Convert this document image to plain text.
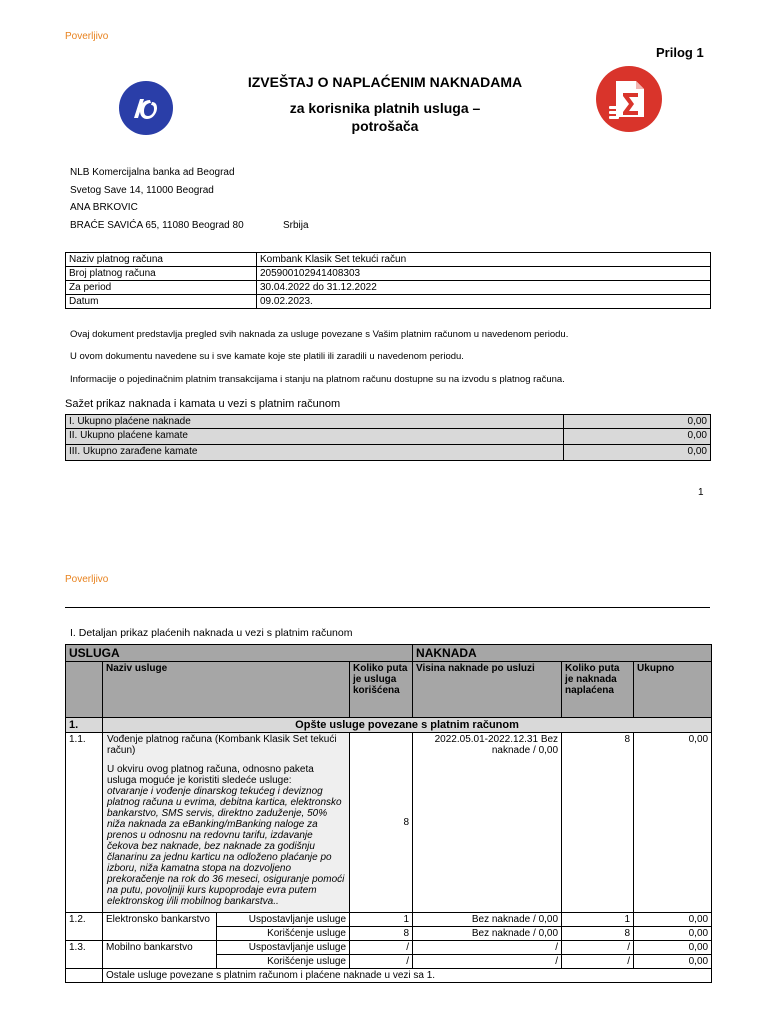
Poverljivo
Prilog 1
IZVEŠTAJ O NAPLAĆENIM NAKNADAMA
za korisnika platnih usluga –
potrošača
NLB Komercijalna banka ad Beograd
Svetog Save 14, 11000 Beograd
ANA BRKOVIC
BRAĆE SAVIĆA 65, 11080 Beograd 80	Srbija
Naziv platnog računa	Kombank Klasik Set tekući račun
Broj platnog računa	205900102941408303
Za period	30.04.2022 do 31.12.2022
Datum	09.02.2023.
Ovaj dokument predstavlja pregled svih naknada za usluge povezane s Vašim platnim računom u navedenom periodu.
U ovom dokumentu navedene su i sve kamate koje ste platili ili zaradili u navedenom periodu.
Informacije o pojedinačnim platnim transakcijama i stanju na platnom računu dostupne su na izvodu s platnog računa.
Sažet prikaz naknada i kamata u vezi s platnim računom
I. Ukupno plaćene naknade	0,00
II. Ukupno plaćene kamate	0,00
III. Ukupno zarađene kamate	0,00
1
Poverljivo
I. Detaljan prikaz plaćenih naknada u vezi s platnim računom
USLUGA				NAKNADA		
	Naziv usluge		Koliko puta je usluga korišćena	Visina naknade po usluzi	Koliko puta je naknada naplaćena	Ukupno
1.	Opšte usluge povezane s platnim računom					
1.1.	Vođenje platnog računa (Kombank Klasik Set tekući račun)
U okviru ovog platnog računa, odnosno paketa usluga moguće je koristiti sledeće usluge:
otvaranje i vođenje dinarskog tekućeg i deviznog platnog računa u evrima, debitna kartica, elektronsko bankarstvo, SMS servis, direktno zaduženje, 50% niža naknada za eBanking/mBanking naloge za prenos u odnosnu na redovnu tarifu, izdavanje čekova bez naknade, bez naknade za godišnju članarinu za jednu karticu na odloženo plaćanje po izboru, niža kamatna stopa na dozvoljeno prekoračenje na rok do 36 meseci, osiguranje pomoći na putu, povoljniji kurs kupoprodaje evra putem elektronskog i/ili mobilnog bankarstva..		8	2022.05.01-2022.12.31 Bez naknade / 0,00	8	0,00
1.2.	Elektronsko bankarstvo	Uspostavljanje usluge	1	Bez naknade / 0,00	1	0,00
		Korišćenje usluge	8	Bez naknade / 0,00	8	0,00
1.3.	Mobilno bankarstvo	Uspostavljanje usluge	/	/	/	0,00
		Korišćenje usluge	/	/	/	0,00
	Ostale usluge povezane s platnim računom i plaćene naknade u vezi sa 1.					
